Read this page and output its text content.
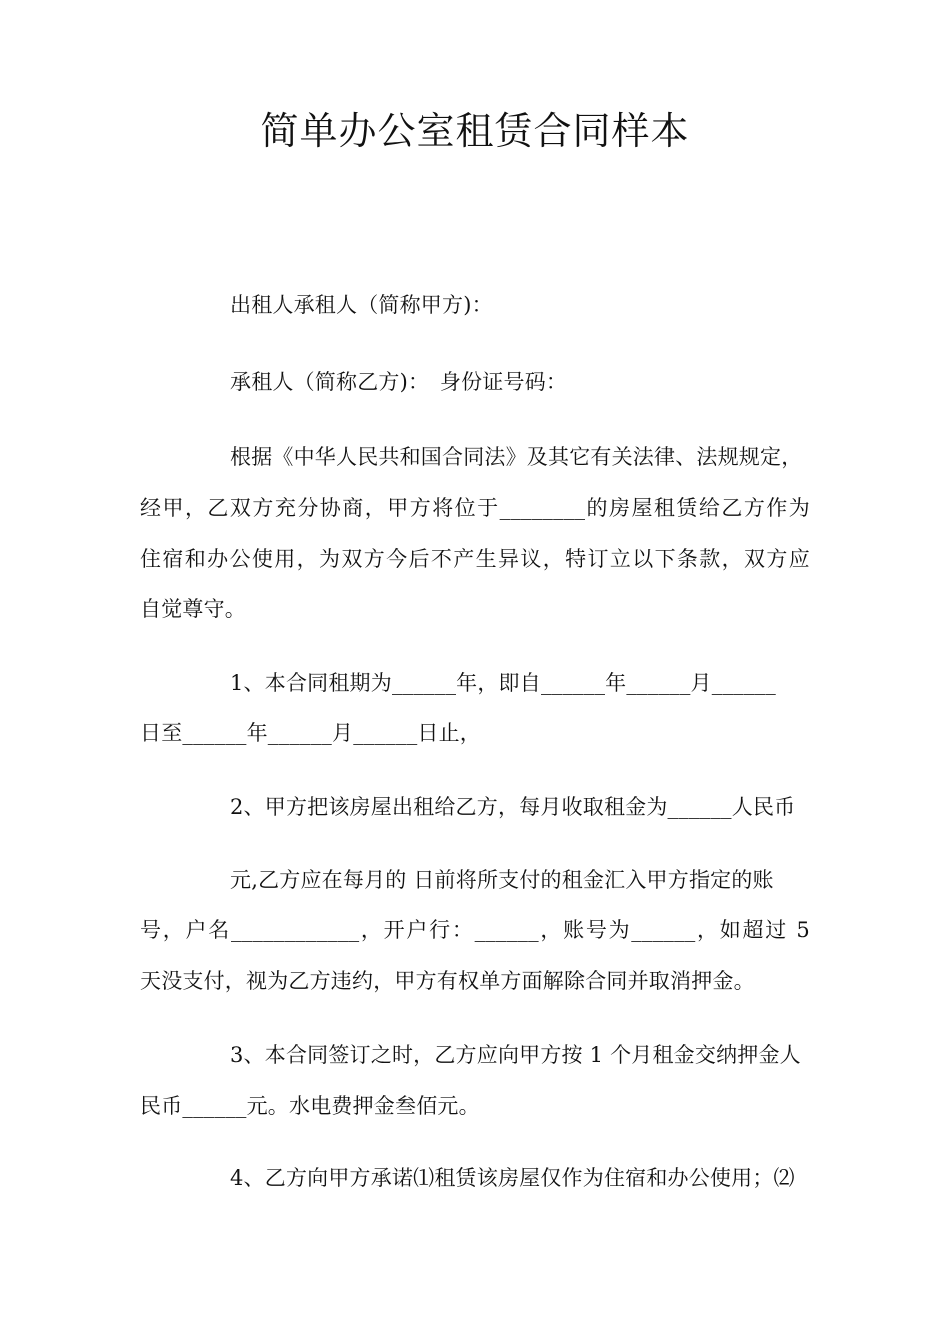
简单办公室租赁合同样本
出租人承租人（简称甲方)：
承租人（简称乙方)：　身份证号码：
根据《中华人民共和国合同法》及其它有关法律、法规规定，
经甲，乙双方充分协商，甲方将位于________的房屋租赁给乙方作为
住宿和办公使用，为双方今后不产生异议，特订立以下条款，双方应
自觉尊守。
1、本合同租期为______年，即自______年______月______
日至______年______月______日止，
2、甲方把该房屋出租给乙方，每月收取租金为______人民币
元,乙方应在每月的 日前将所支付的租金汇入甲方指定的账
号，户名____________，开户行：______，账号为______，如超过 5
天没支付，视为乙方违约，甲方有权单方面解除合同并取消押金。
3、本合同签订之时，乙方应向甲方按 1 个月租金交纳押金人
民币______元。水电费押金叁佰元。
4、乙方向甲方承诺⑴租赁该房屋仅作为住宿和办公使用；⑵
